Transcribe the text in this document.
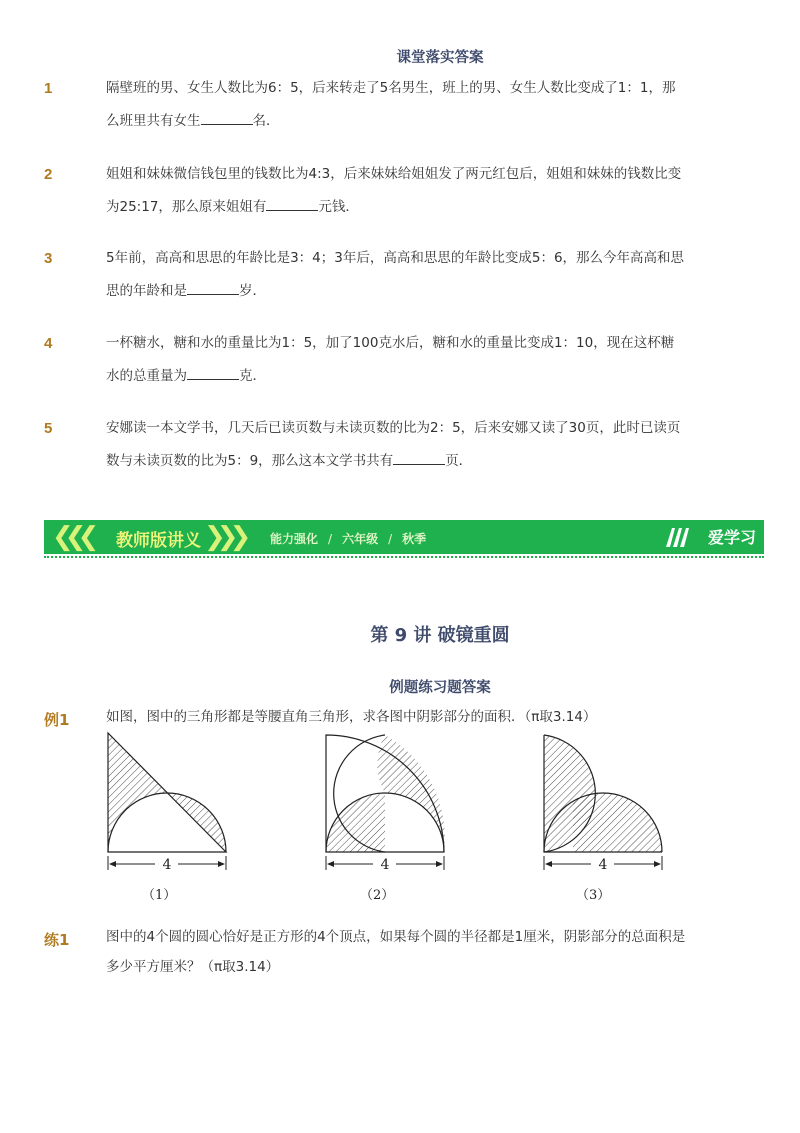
课堂落实答案
1	隔壁班的男、女生人数比为6：5，后来转走了5名男生，班上的男、女生人数比变成了1：1，那
么班里共有女生	名．
2	姐姐和妹妹微信钱包里的钱数比为4:3，后来妹妹给姐姐发了两元红包后，姐姐和妹妹的钱数比变
为25:17，那么原来姐姐有	元钱．
3	5年前，高高和思思的年龄比是3：4；3年后，高高和思思的年龄比变成5：6，那么今年高高和思
思的年龄和是	岁．
4	一杯糖水，糖和水的重量比为1：5，加了100克水后，糖和水的重量比变成1：10，现在这杯糖
水的总重量为	克．
5	安娜读一本文学书，几天后已读页数与未读页数的比为2：5，后来安娜又读了30页，此时已读页
数与未读页数的比为5：9，那么这本文学书共有	页．
❮❮❮ 教师版讲义 ❯❯❯ 能力强化 / 六年级 / 秋季	爱学习
第 9 讲 破镜重圆
例题练习题答案
例1	如图，图中的三角形都是等腰直角三角形，求各图中阴影部分的面积．（π取3.14）
4
（1）
4
（2）
4
（3）
练1	图中的4个圆的圆心恰好是正方形的4个顶点，如果每个圆的半径都是1厘米，阴影部分的总面积是
多少平方厘米？（π取3.14）
